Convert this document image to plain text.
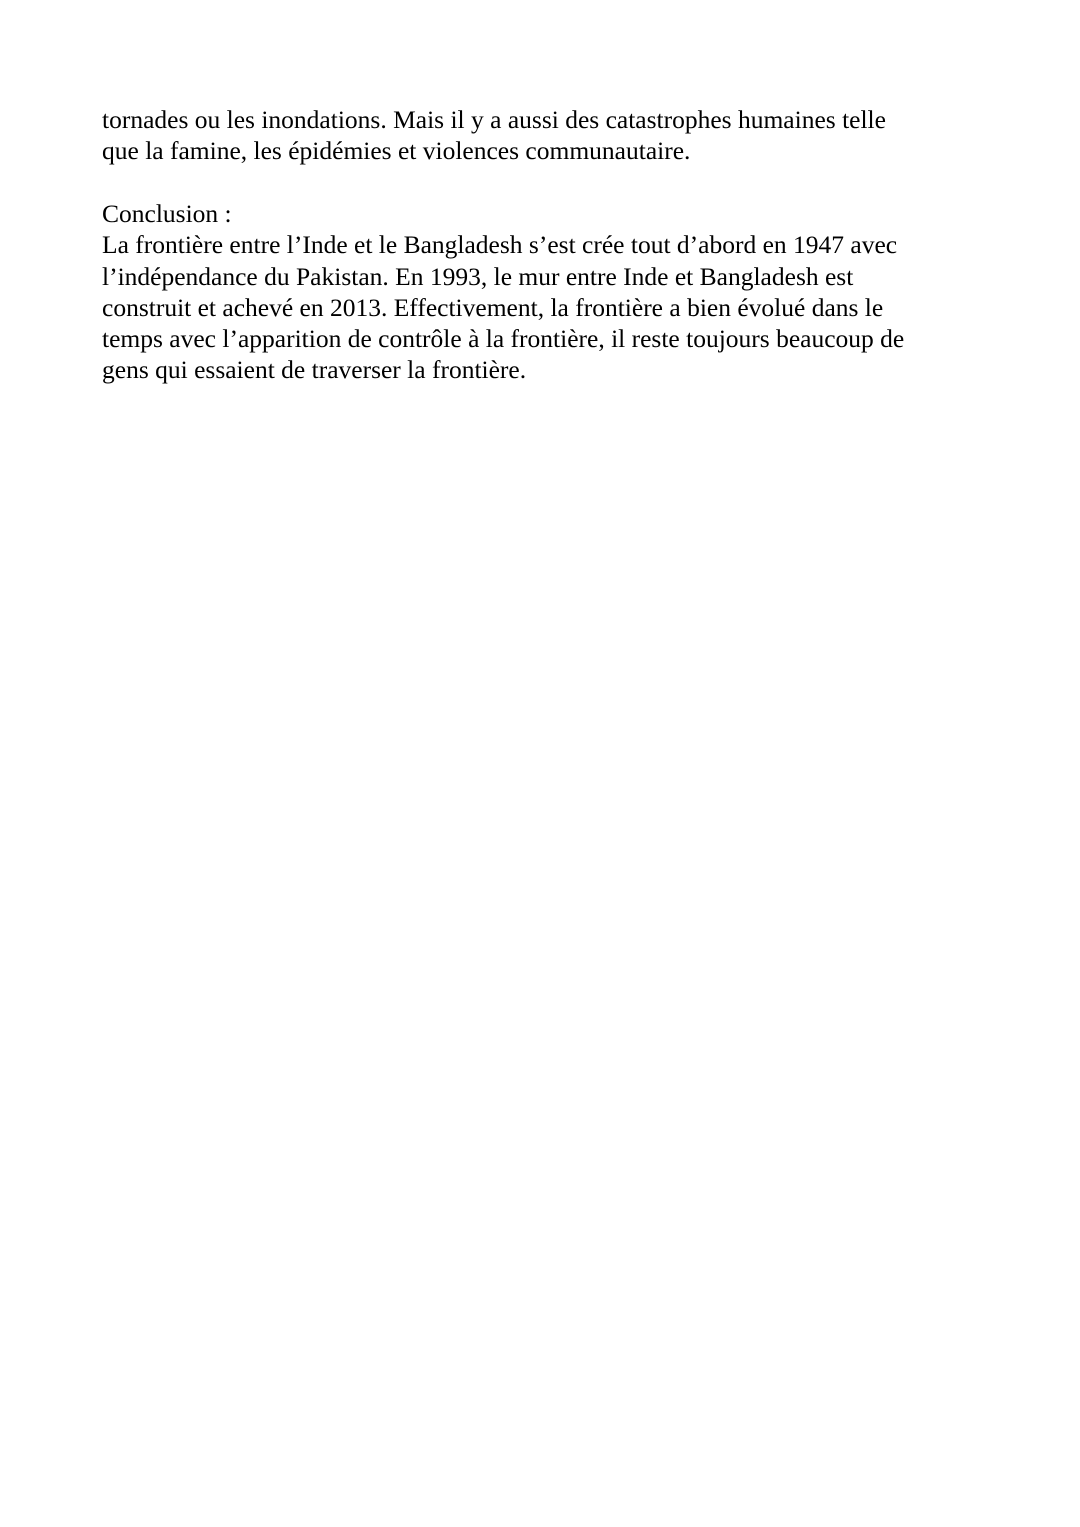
tornades ou les inondations. Mais il y a aussi des catastrophes humaines telle
que la famine, les épidémies et violences communautaire.
Conclusion :
La frontière entre l’Inde et le Bangladesh s’est crée tout d’abord en 1947 avec
l’indépendance du Pakistan. En 1993, le mur entre Inde et Bangladesh est
construit et achevé en 2013. Effectivement, la frontière a bien évolué dans le
temps avec l’apparition de contrôle à la frontière, il reste toujours beaucoup de
gens qui essaient de traverser la frontière.
